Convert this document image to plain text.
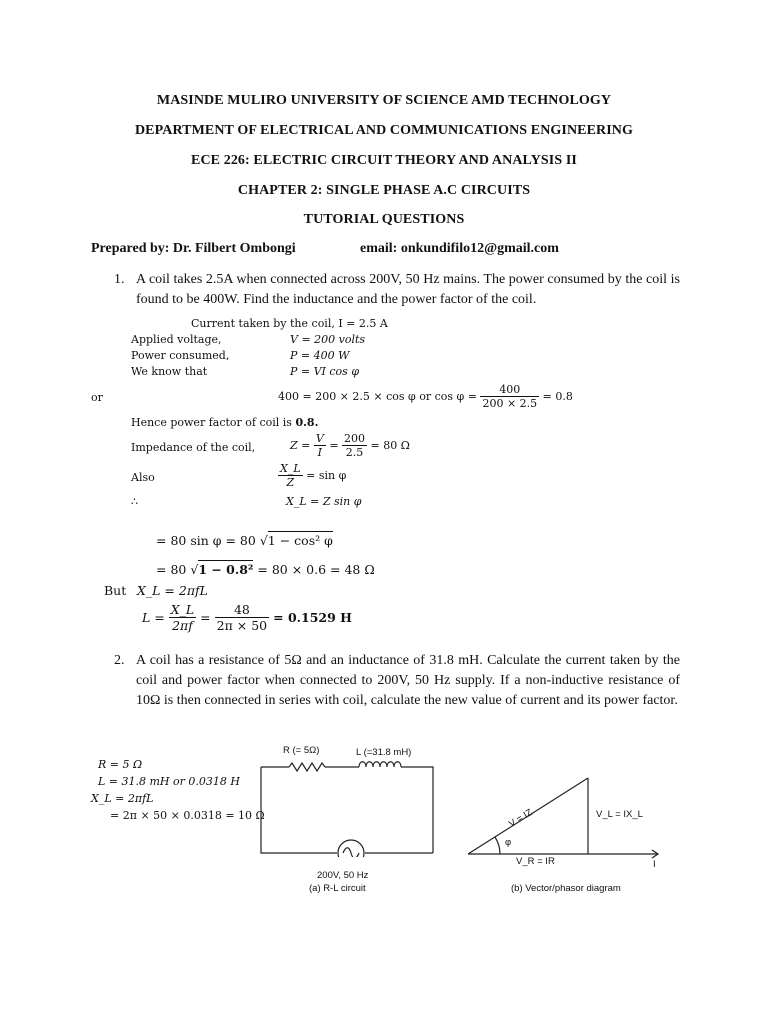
MASINDE MULIRO UNIVERSITY OF SCIENCE AMD TECHNOLOGY
DEPARTMENT OF ELECTRICAL AND COMMUNICATIONS ENGINEERING
ECE 226: ELECTRIC CIRCUIT THEORY AND ANALYSIS II
CHAPTER 2: SINGLE PHASE A.C CIRCUITS
TUTORIAL QUESTIONS
Prepared by: Dr. Filbert Ombongi	email: onkundifilo12@gmail.com
1. A coil takes 2.5A when connected across 200V, 50 Hz mains. The power consumed by the coil is found to be 400W. Find the inductance and the power factor of the coil.
Current taken by the coil, I = 2.5 A
Applied voltage,	V = 200 volts
Power consumed,	P = 400 W
We know that	P = VI cos φ
or	400 = 200 × 2.5 × cos φ or $\cos \varphi = \frac{400}{200 \times 2.5} = 0.8$
Hence power factor of coil is 0.8.
Impedance of the coil,	$Z = \frac{V}{I} = \frac{200}{2.5} = 80$ Ω
Also	$\frac{X\_L}{Z} = \sin \varphi$
∴	X_L = Z sin φ
= 80 sin φ = 80 √1 − cos² φ
= 80 √1 − 0.8² = 80 × 0.6 = 48 Ω
But X_L = 2πfL
$L = \frac{X\_L}{2\pi f} = \frac{48}{2\pi \times 50} = 0.1529$ H
2. A coil has a resistance of 5Ω and an inductance of 31.8 mH. Calculate the current taken by the coil and power factor when connected to 200V, 50 Hz supply. If a non-inductive resistance of 10Ω is then connected in series with coil, calculate the new value of current and its power factor.
R = 5 Ω
L = 31.8 mH or 0.0318 H
X_L = 2πfL
= 2π × 50 × 0.0318 = 10 Ω
R (= 5Ω)	L (=31.8 mH)
200V, 50 Hz
(a) R-L circuit
V = IZ	V_L = IX_L
V_R = IR
φ
I
(b) Vector/phasor diagram
